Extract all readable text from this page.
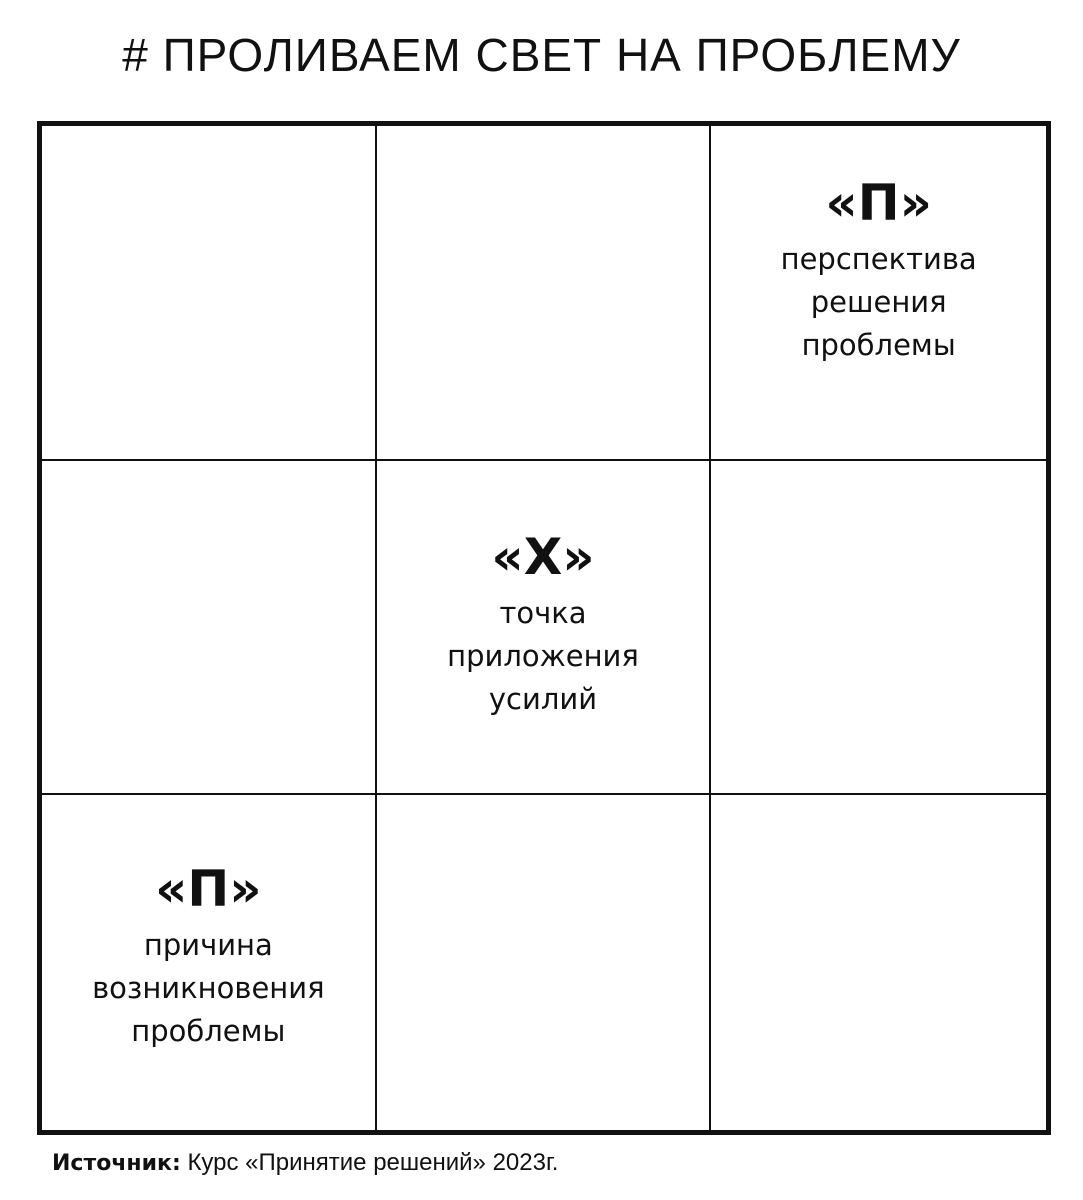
# ПРОЛИВАЕМ СВЕТ НА ПРОБЛЕМУ
«П»
перспектива
решения
проблемы
«Х»
точка
приложения
усилий
«П»
причина
возникновения
проблемы
Источник: Курс «Принятие решений» 2023г.
